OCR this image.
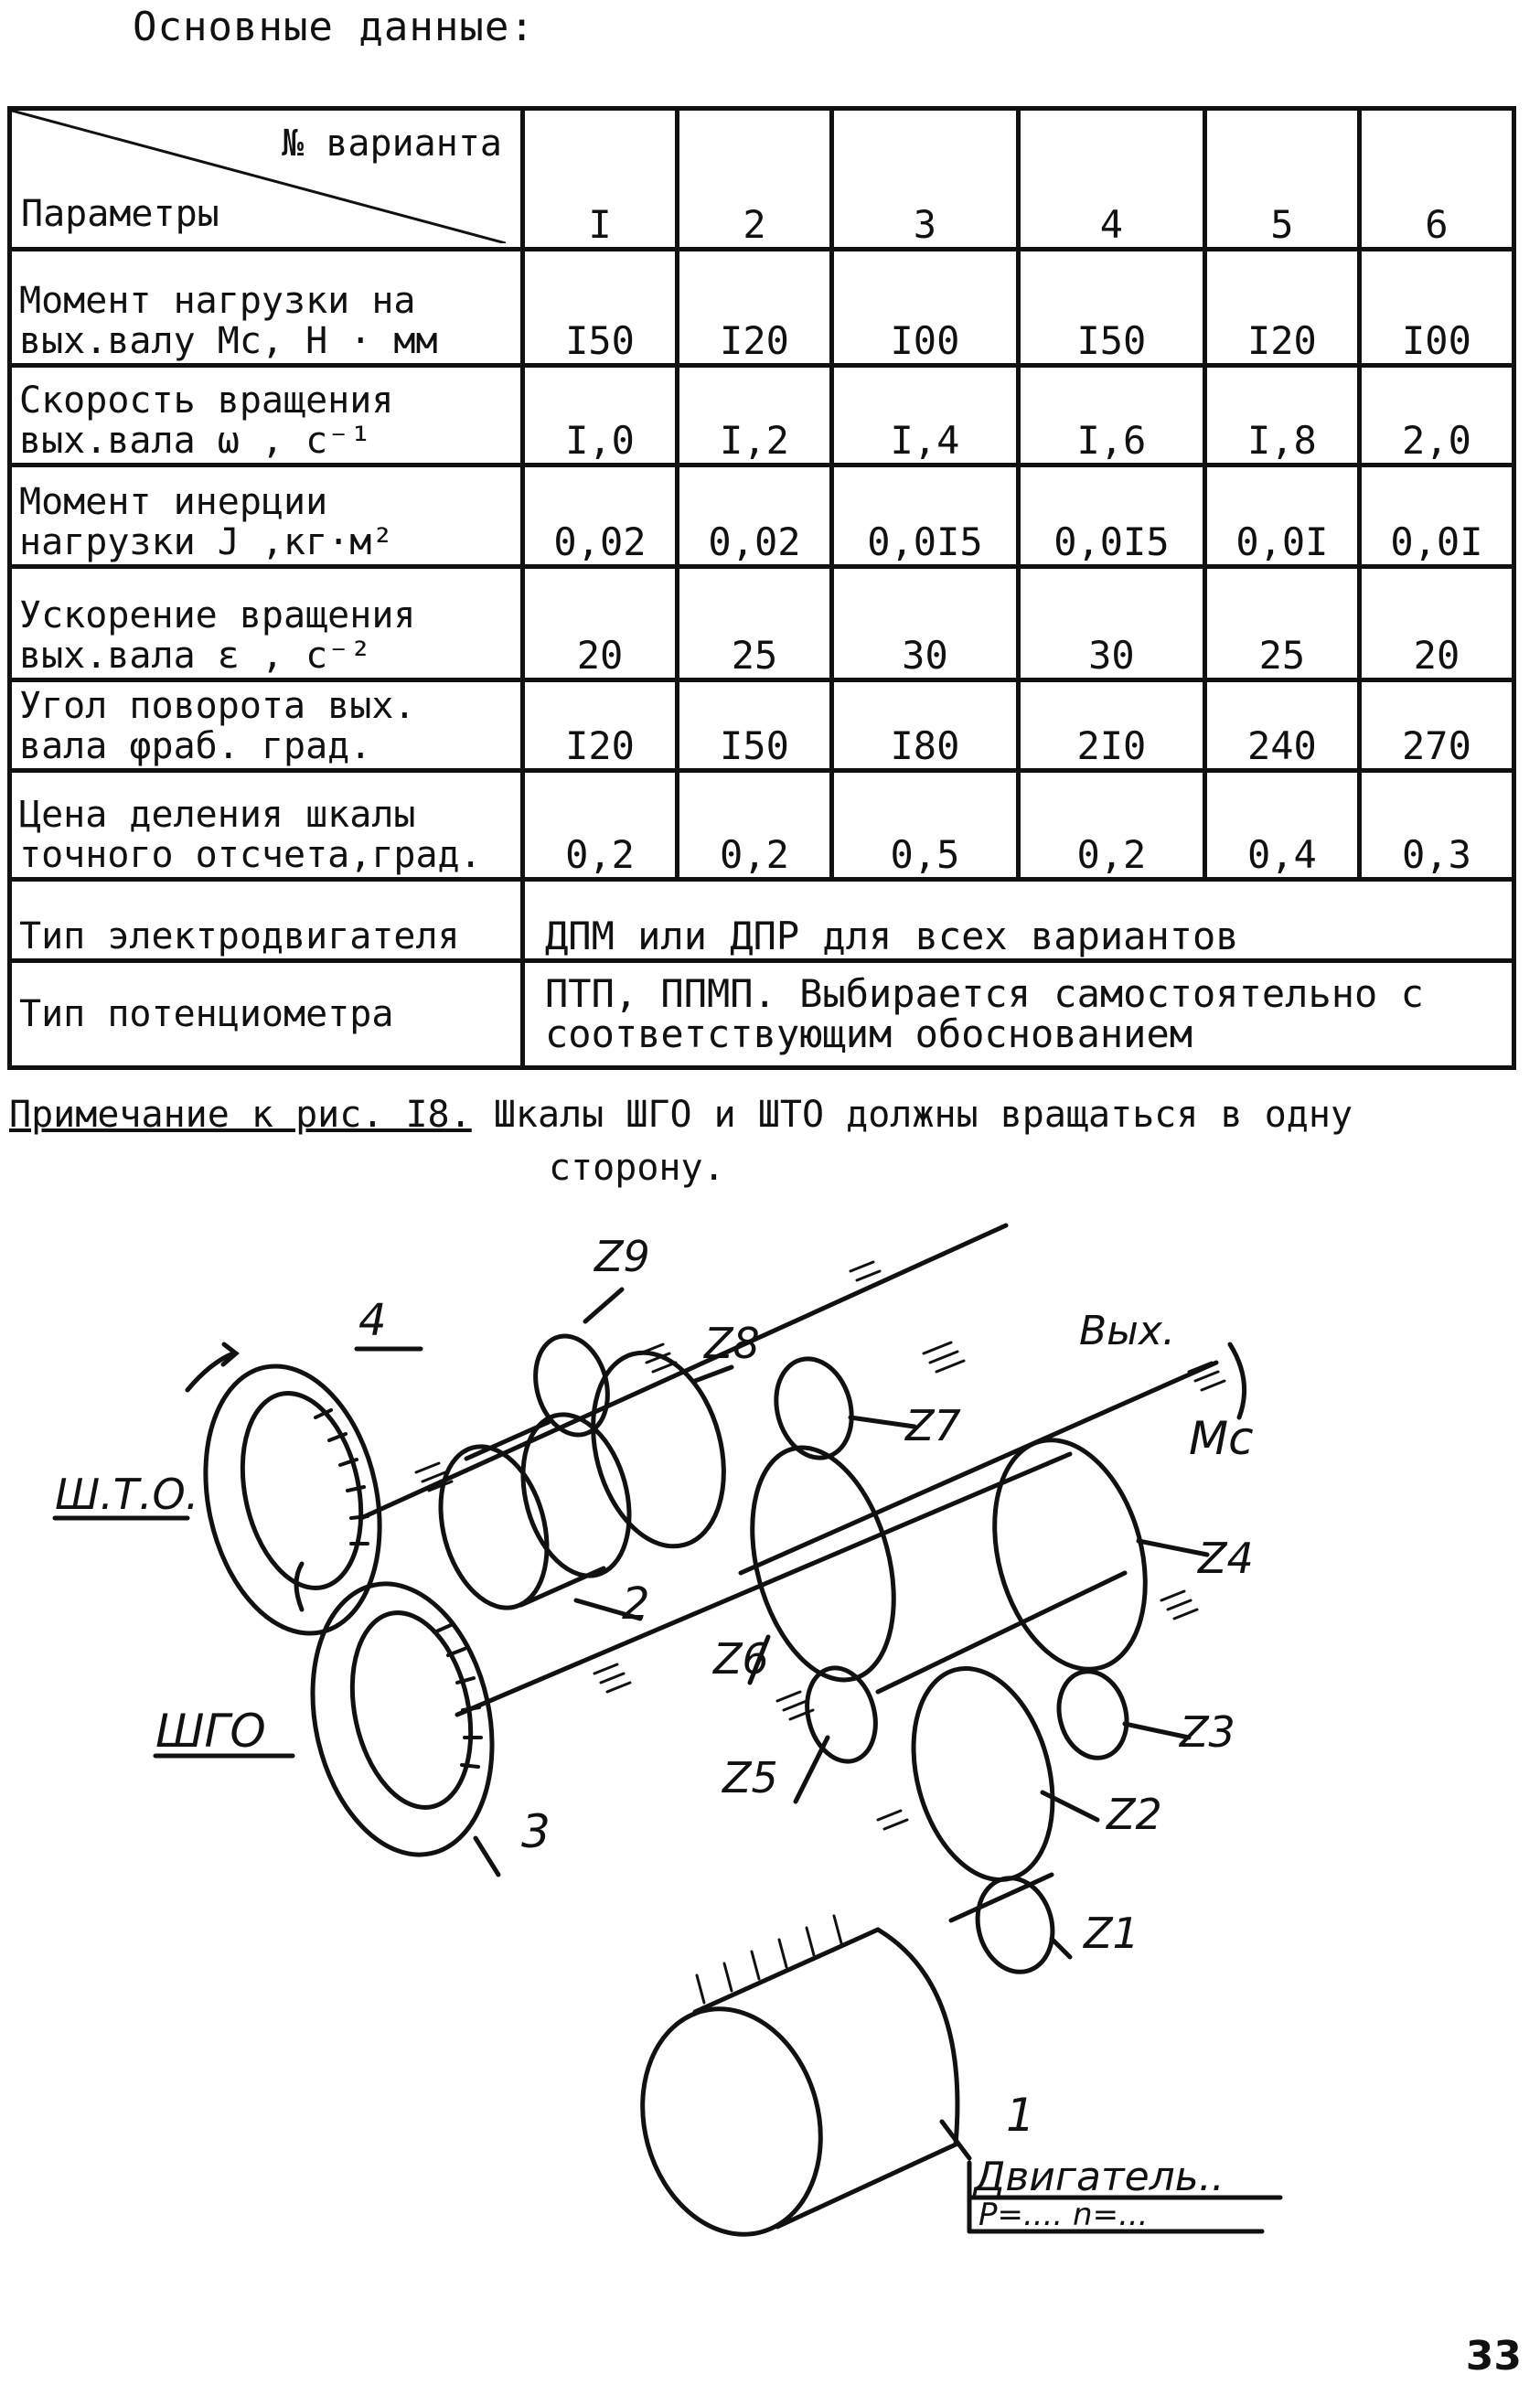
Основные данные:
№ варианта
Параметры	I	2	3	4	5	6

Момент нагрузки на
вых.валу Мс, Н · мм	I50	I20	I00	I50	I20	I00

Скорость вращения
вых.вала ω , с⁻¹	I,0	I,2	I,4	I,6	I,8	2,0

Момент инерции
нагрузки J ,кг·м²	0,02	0,02	0,0I5	0,0I5	0,0I	0,0I

Ускорение вращения
вых.вала ε , с⁻²	20	25	30	30	25	20

Угол поворота вых.
вала φраб. град.	I20	I50	I80	2I0	240	270

Цена деления шкалы
точного отсчета,град.	0,2	0,2	0,5	0,2	0,4	0,3
Тип электродвигателя	ДПМ или ДПР для всех вариантов					
Тип потенциометра	ПТП, ППМП. Выбирается самостоятельно с
соответствующим обоснованием					
Примечание к рис. I8. Шкалы ШГО и ШТО должны вращаться в одну
сторону.
4
Z9
Z8
Z7
Вых.
Мс
Ш.Т.О.
Z4
2
Z6
Z3
ШГО
Z5
Z2
3
Z1
1
Двигатель..
P=.... n=...
33
